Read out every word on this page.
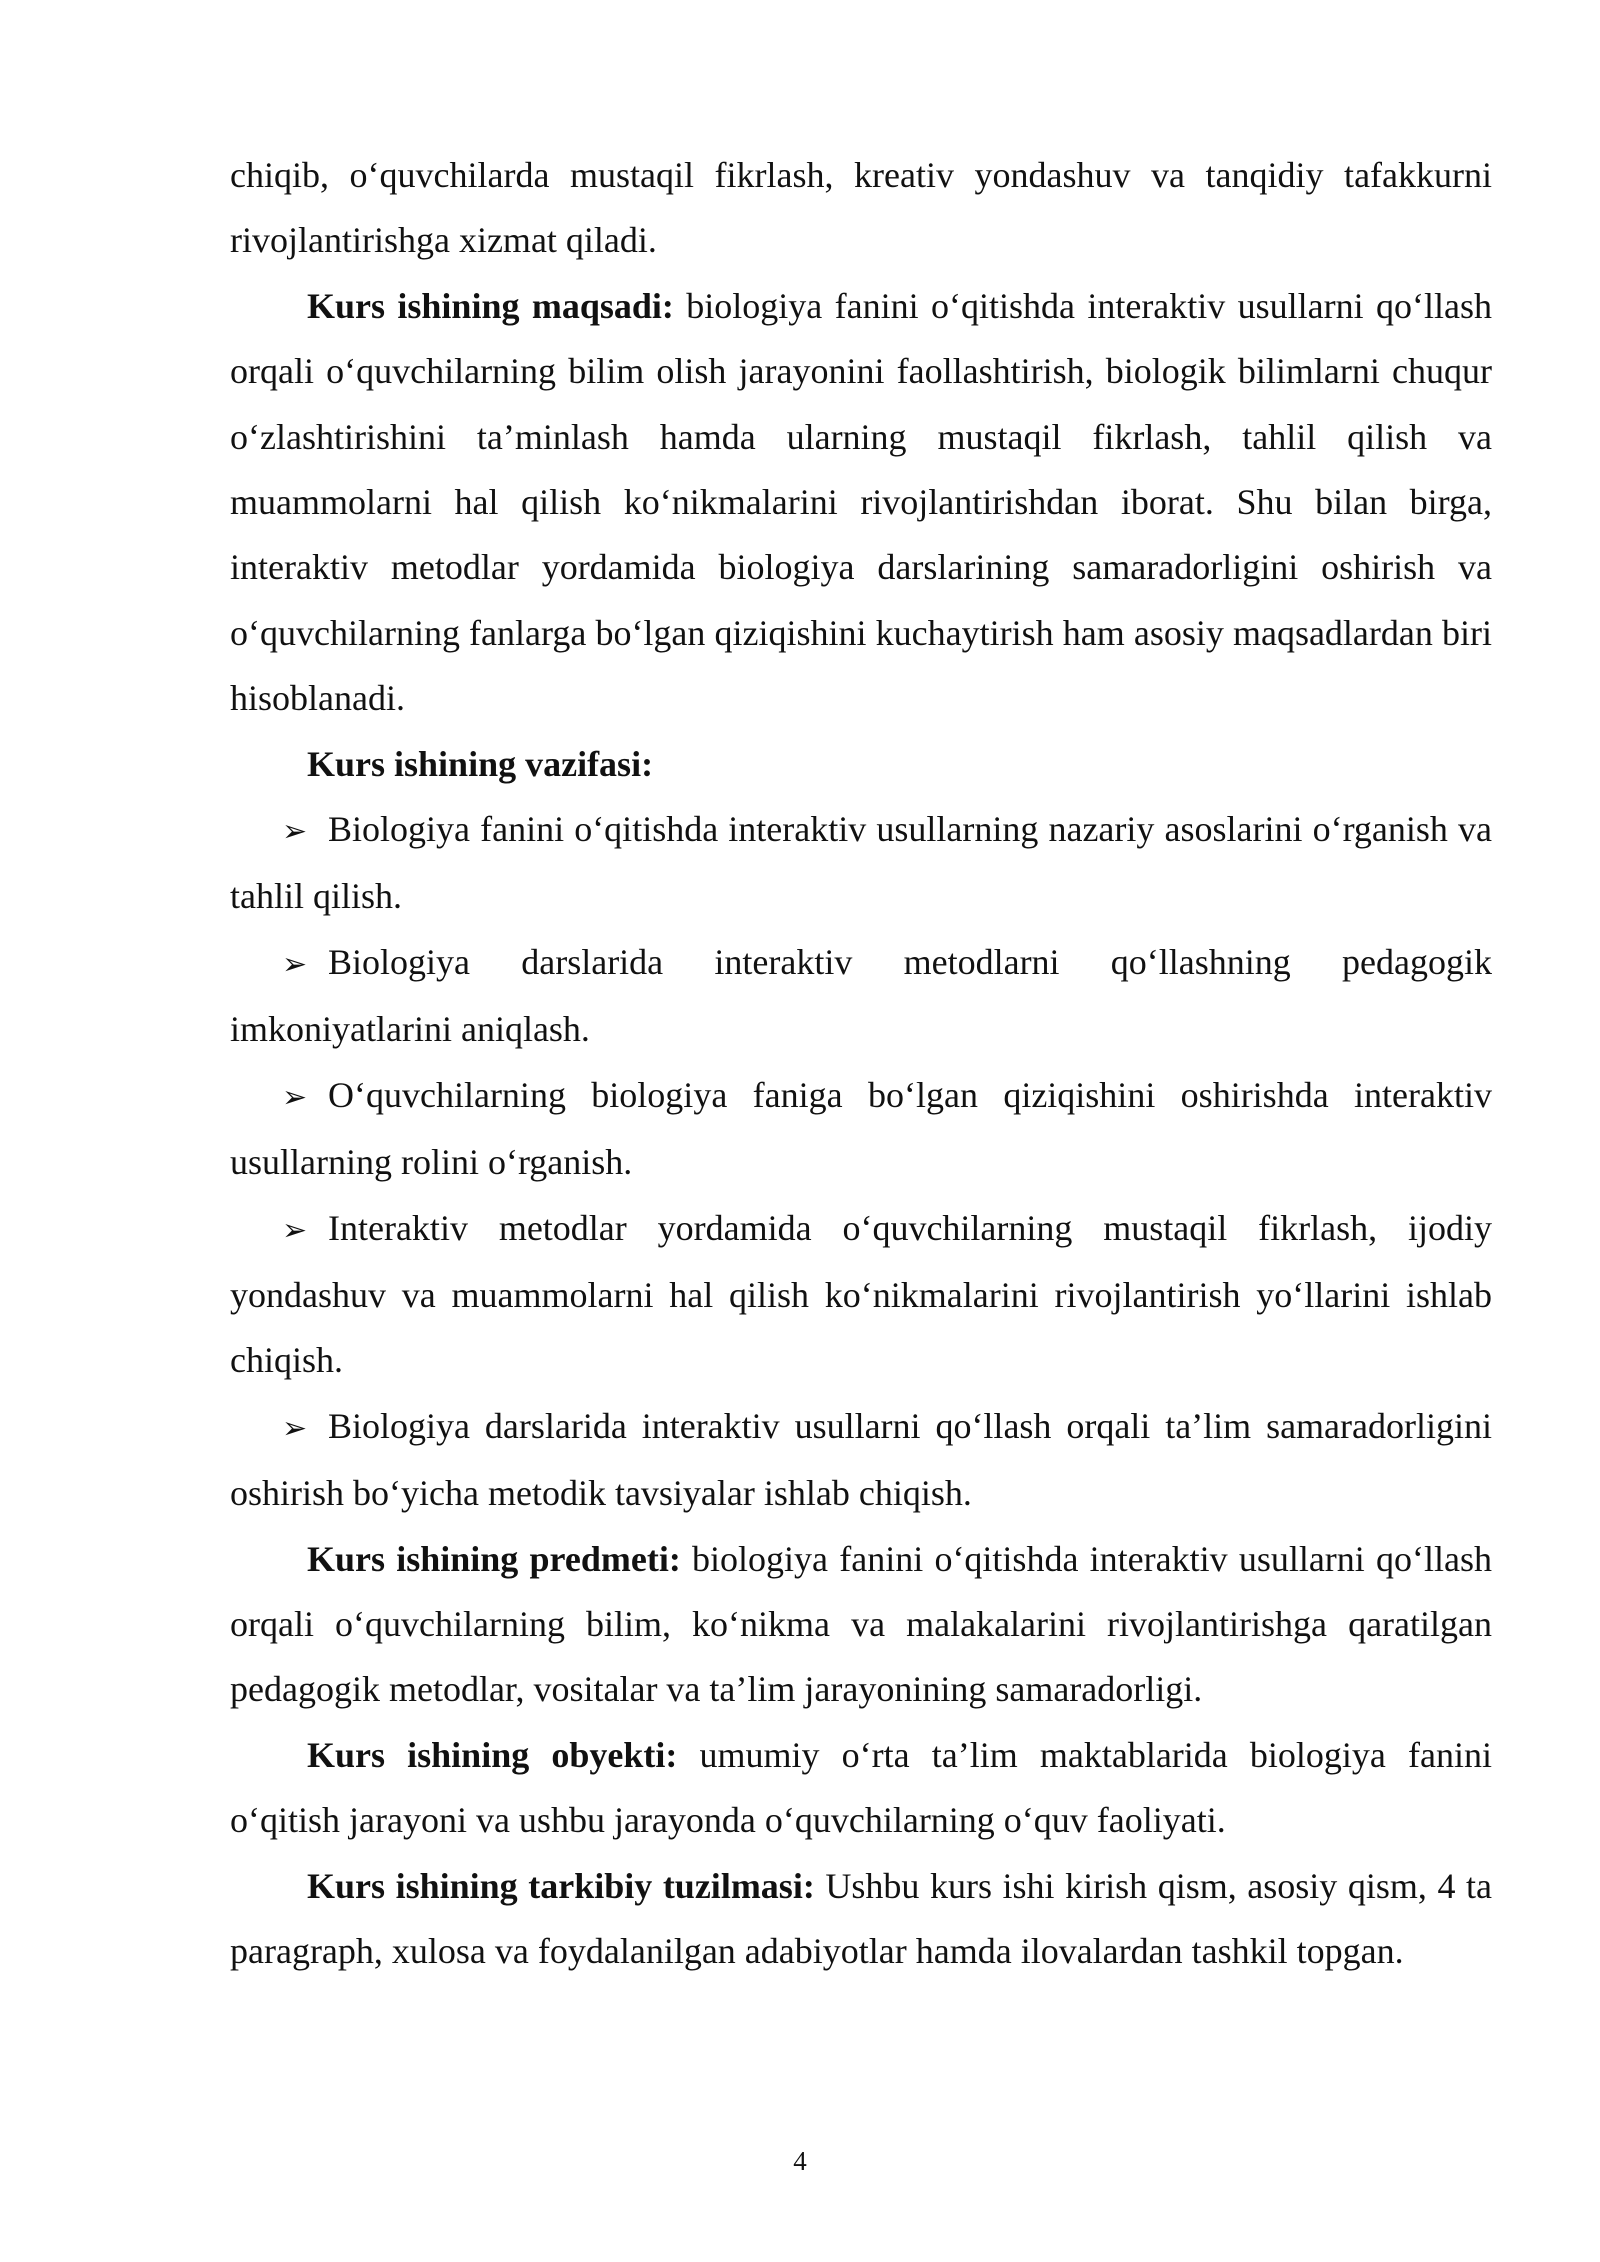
chiqib, o‘quvchilarda mustaqil fikrlash, kreativ yondashuv va tanqidiy tafakkurni rivojlantirishga xizmat qiladi.

Kurs ishining maqsadi: biologiya fanini o‘qitishda interaktiv usullarni qo‘llash orqali o‘quvchilarning bilim olish jarayonini faollashtirish, biologik bilimlarni chuqur o‘zlashtirishini ta’minlash hamda ularning mustaqil fikrlash, tahlil qilish va muammolarni hal qilish ko‘nikmalarini rivojlantirishdan iborat. Shu bilan birga, interaktiv metodlar yordamida biologiya darslarining samaradorligini oshirish va o‘quvchilarning fanlarga bo‘lgan qiziqishini kuchaytirish ham asosiy maqsadlardan biri hisoblanadi.

Kurs ishining vazifasi:

➢ Biologiya fanini o‘qitishda interaktiv usullarning nazariy asoslarini o‘rganish va tahlil qilish.

➢ Biologiya darslarida interaktiv metodlarni qo‘llashning pedagogik imkoniyatlarini aniqlash.

➢ O‘quvchilarning biologiya faniga bo‘lgan qiziqishini oshirishda interaktiv usullarning rolini o‘rganish.

➢ Interaktiv metodlar yordamida o‘quvchilarning mustaqil fikrlash, ijodiy yondashuv va muammolarni hal qilish ko‘nikmalarini rivojlantirish yo‘llarini ishlab chiqish.

➢ Biologiya darslarida interaktiv usullarni qo‘llash orqali ta’lim samaradorligini oshirish bo‘yicha metodik tavsiyalar ishlab chiqish.

Kurs ishining predmeti: biologiya fanini o‘qitishda interaktiv usullarni qo‘llash orqali o‘quvchilarning bilim, ko‘nikma va malakalarini rivojlantirishga qaratilgan pedagogik metodlar, vositalar va ta’lim jarayonining samaradorligi.

Kurs ishining obyekti: umumiy o‘rta ta’lim maktablarida biologiya fanini o‘qitish jarayoni va ushbu jarayonda o‘quvchilarning o‘quv faoliyati.

Kurs ishining tarkibiy tuzilmasi: Ushbu kurs ishi kirish qism, asosiy qism, 4 ta paragraph, xulosa va foydalanilgan adabiyotlar hamda ilovalardan tashkil topgan.

4
